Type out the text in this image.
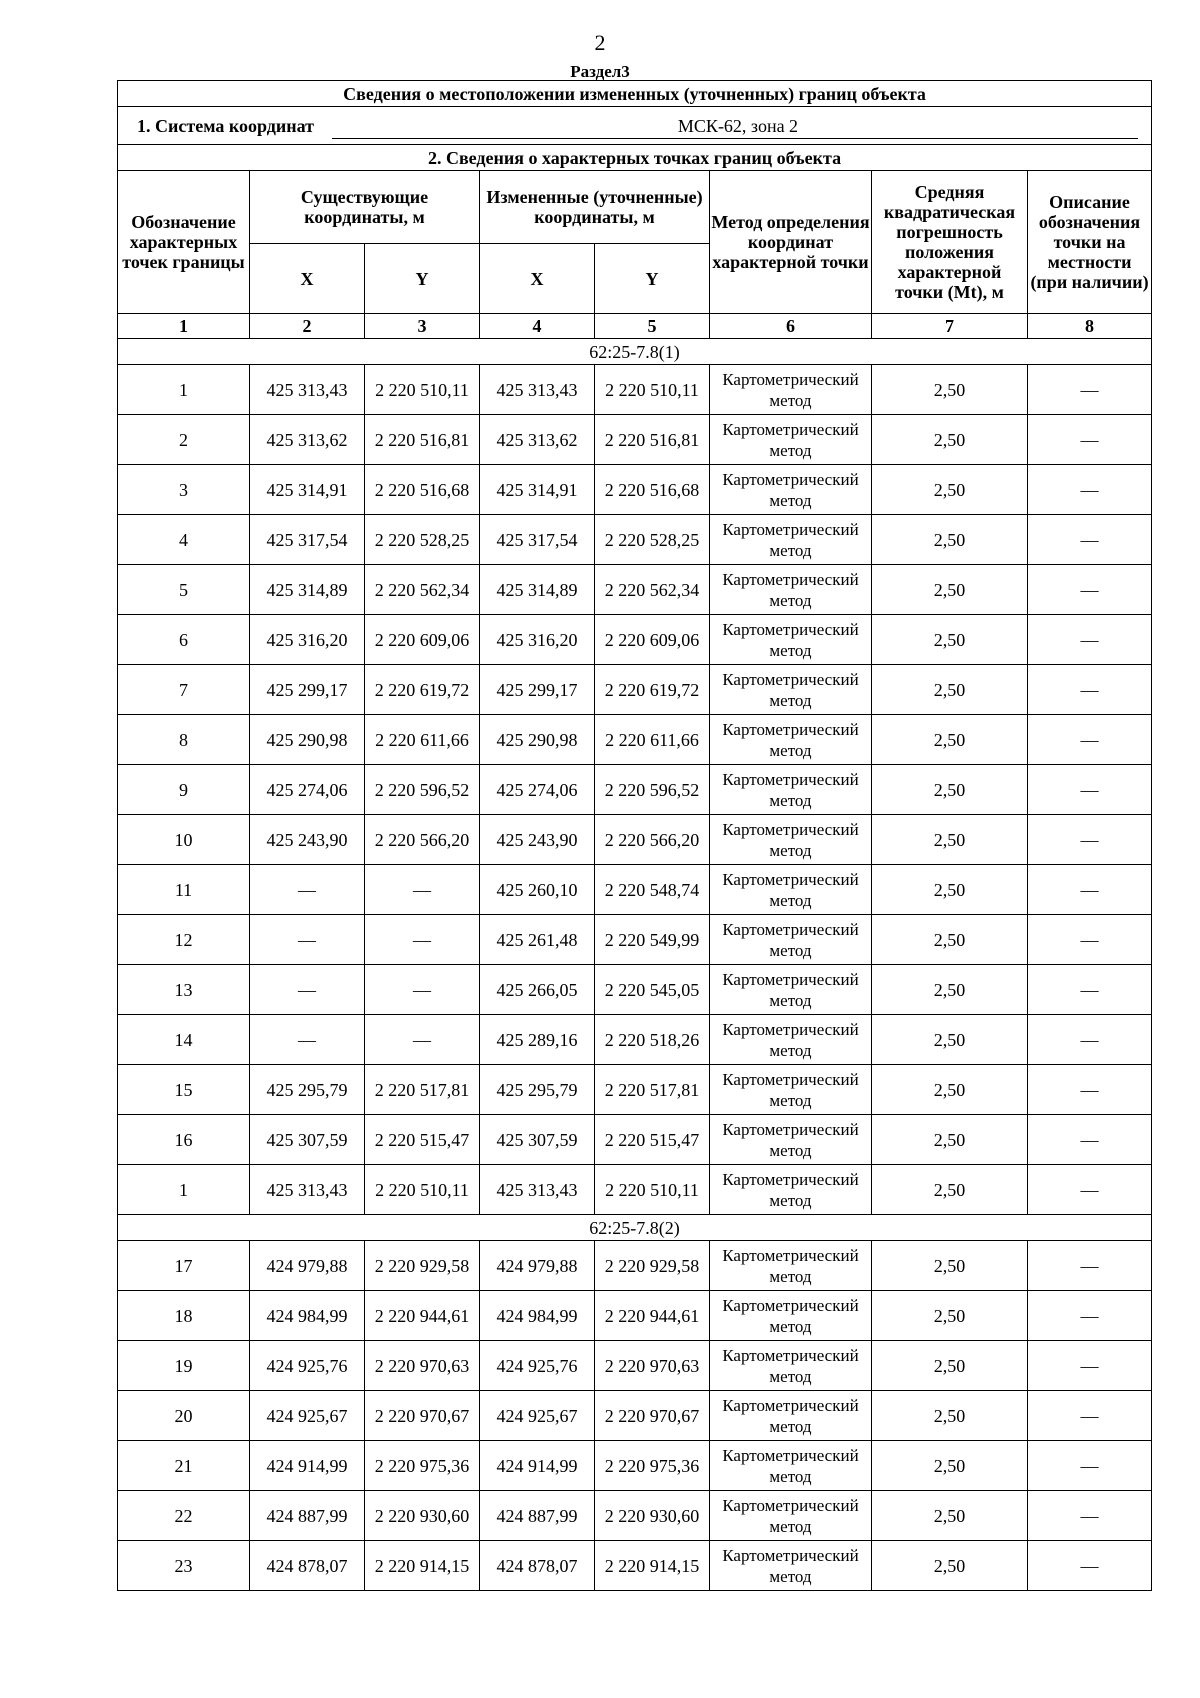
2
Раздел3
Сведения о местоположении измененных (уточненных) границ объекта							
1. Система координат МСК-62, зона 2							
2. Сведения о характерных точках границ объекта							
Обозначение характерных точек границы	Существующие координаты, м		Измененные (уточненные) координаты, м		Метод определения координат характерной точки	Средняя квадратическая погрешность положения характерной точки (Mt), м	Описание обозначения точки на местности (при наличии)
	X	Y	X	Y			
1	2	3	4	5	6	7	8
62:25-7.8(1)							
1	425 313,43	2 220 510,11	425 313,43	2 220 510,11	Картометрический метод	2,50	—
2	425 313,62	2 220 516,81	425 313,62	2 220 516,81	Картометрический метод	2,50	—
3	425 314,91	2 220 516,68	425 314,91	2 220 516,68	Картометрический метод	2,50	—
4	425 317,54	2 220 528,25	425 317,54	2 220 528,25	Картометрический метод	2,50	—
5	425 314,89	2 220 562,34	425 314,89	2 220 562,34	Картометрический метод	2,50	—
6	425 316,20	2 220 609,06	425 316,20	2 220 609,06	Картометрический метод	2,50	—
7	425 299,17	2 220 619,72	425 299,17	2 220 619,72	Картометрический метод	2,50	—
8	425 290,98	2 220 611,66	425 290,98	2 220 611,66	Картометрический метод	2,50	—
9	425 274,06	2 220 596,52	425 274,06	2 220 596,52	Картометрический метод	2,50	—
10	425 243,90	2 220 566,20	425 243,90	2 220 566,20	Картометрический метод	2,50	—
11	—	—	425 260,10	2 220 548,74	Картометрический метод	2,50	—
12	—	—	425 261,48	2 220 549,99	Картометрический метод	2,50	—
13	—	—	425 266,05	2 220 545,05	Картометрический метод	2,50	—
14	—	—	425 289,16	2 220 518,26	Картометрический метод	2,50	—
15	425 295,79	2 220 517,81	425 295,79	2 220 517,81	Картометрический метод	2,50	—
16	425 307,59	2 220 515,47	425 307,59	2 220 515,47	Картометрический метод	2,50	—
1	425 313,43	2 220 510,11	425 313,43	2 220 510,11	Картометрический метод	2,50	—
62:25-7.8(2)							
17	424 979,88	2 220 929,58	424 979,88	2 220 929,58	Картометрический метод	2,50	—
18	424 984,99	2 220 944,61	424 984,99	2 220 944,61	Картометрический метод	2,50	—
19	424 925,76	2 220 970,63	424 925,76	2 220 970,63	Картометрический метод	2,50	—
20	424 925,67	2 220 970,67	424 925,67	2 220 970,67	Картометрический метод	2,50	—
21	424 914,99	2 220 975,36	424 914,99	2 220 975,36	Картометрический метод	2,50	—
22	424 887,99	2 220 930,60	424 887,99	2 220 930,60	Картометрический метод	2,50	—
23	424 878,07	2 220 914,15	424 878,07	2 220 914,15	Картометрический метод	2,50	—
